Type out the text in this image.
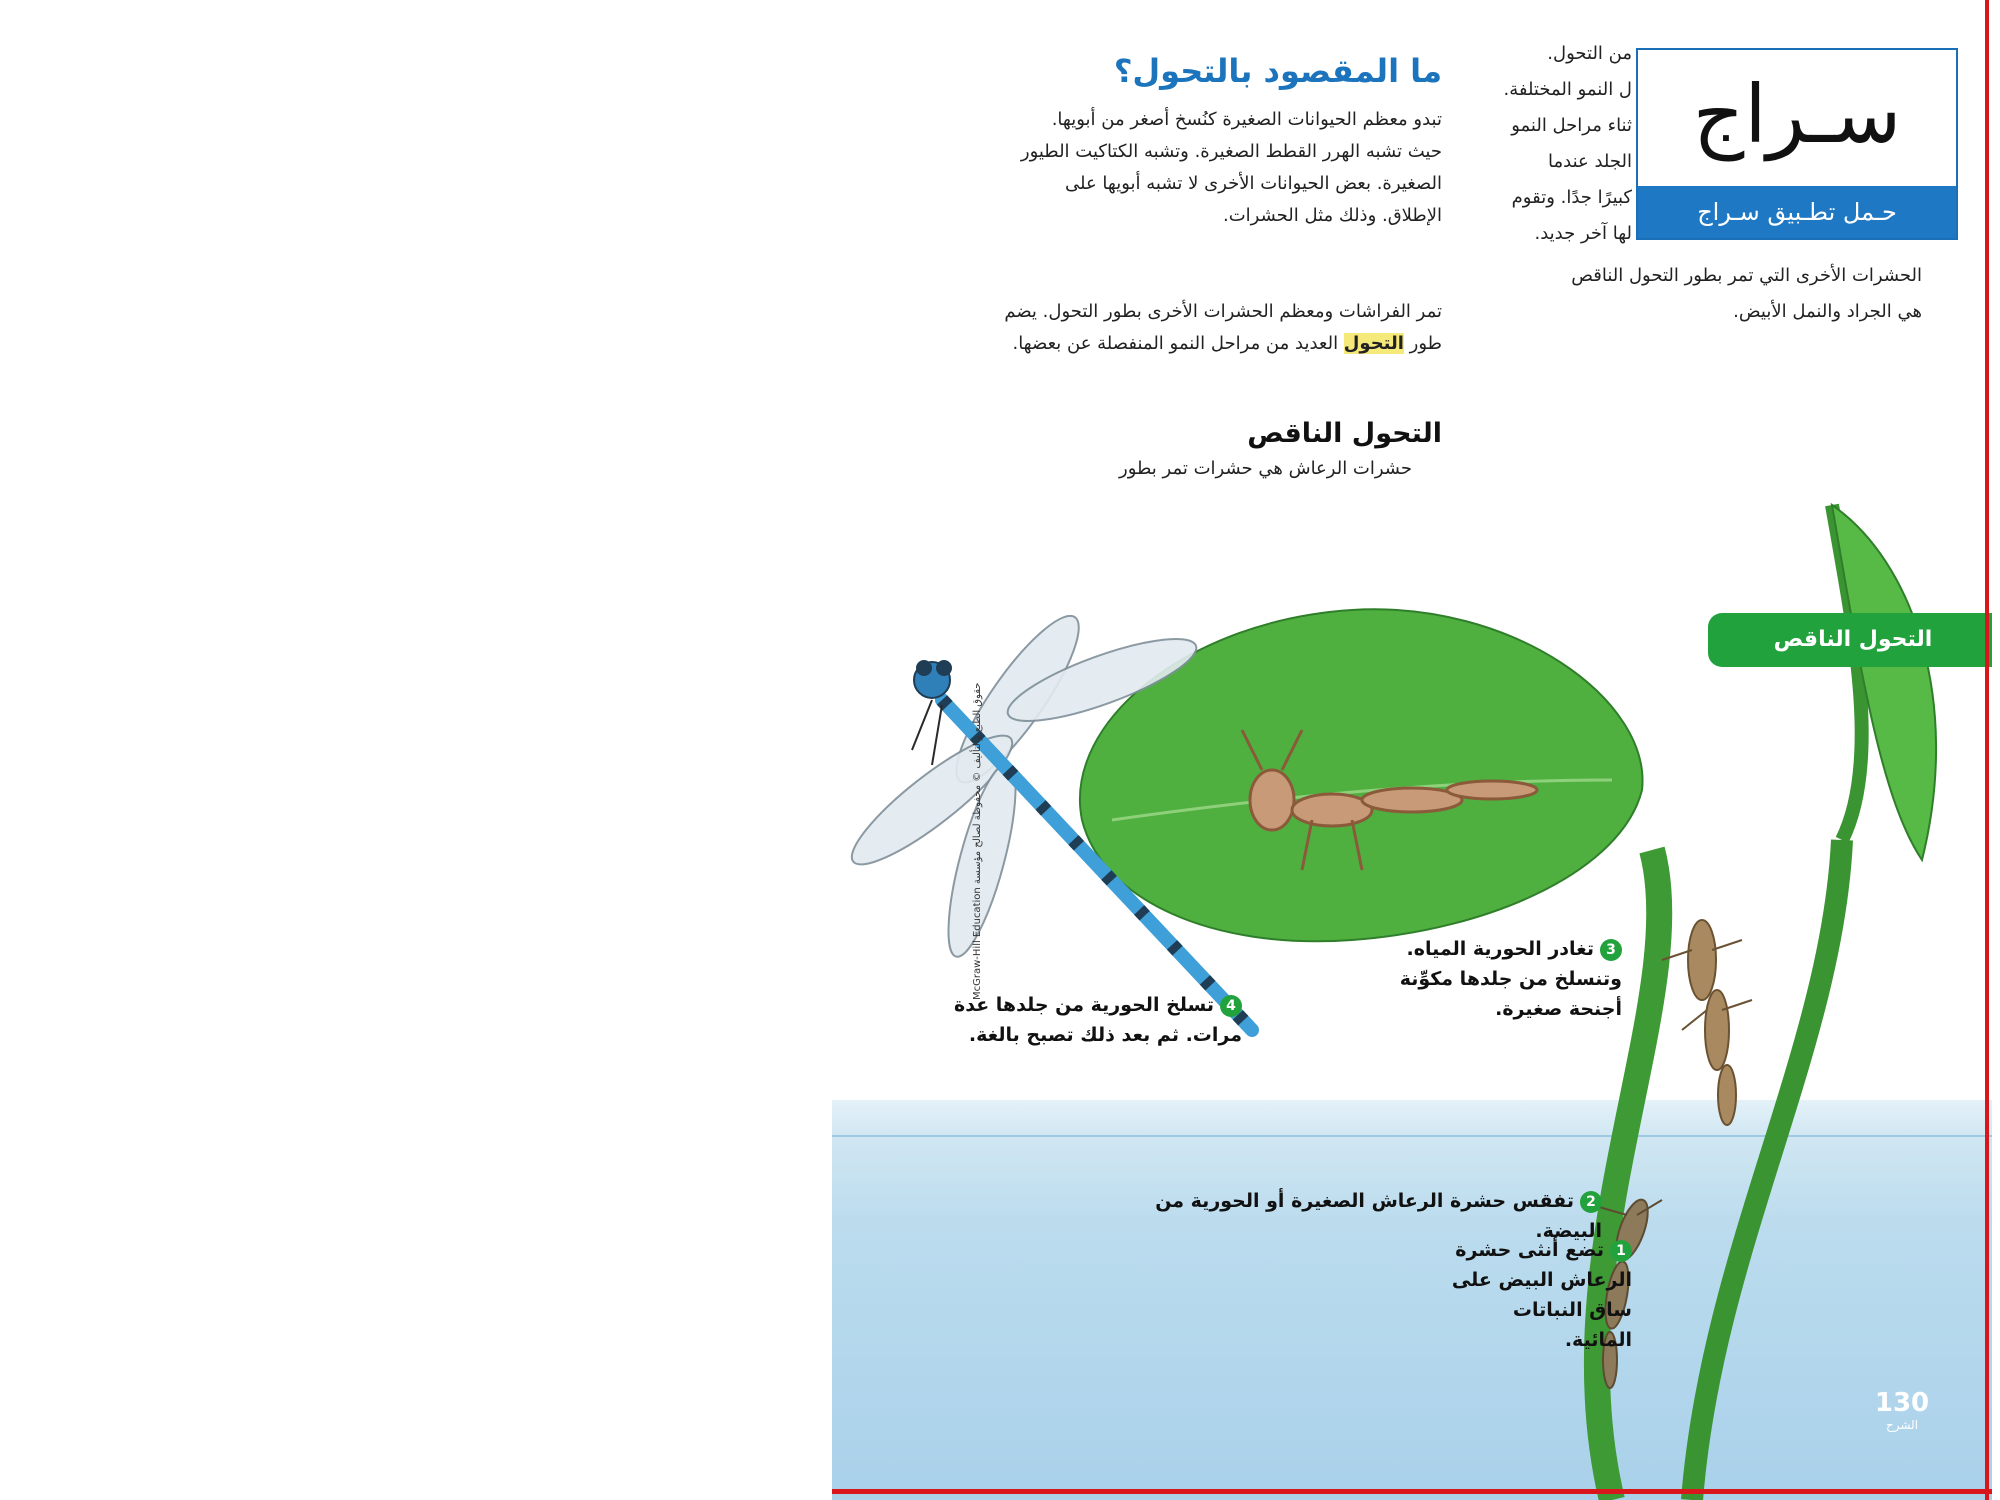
ما المقصود بالتحول؟
تبدو معظم الحيوانات الصغيرة كنُسخ أصغر من أبويها. حيث تشبه الهرر القطط الصغيرة. وتشبه الكتاكيت الطيور الصغيرة. بعض الحيوانات الأخرى لا تشبه أبويها على الإطلاق. وذلك مثل الحشرات.
تمر الفراشات ومعظم الحشرات الأخرى بطور التحول. يضم طور التحول العديد من مراحل النمو المنفصلة عن بعضها.
التحول الناقص
حشرات الرعاش هي حشرات تمر بطور
من التحول.
ل النمو المختلفة.
ثناء مراحل النمو
الجلد عندما
كبيرًا جدًا. وتقوم
لها آخر جديد.
الحشرات الأخرى التي تمر بطور التحول الناقص
هي الجراد والنمل الأبيض.
سـراج
حـمل تطـبيق سـراج
التحول الناقص
1تضع أنثى حشرة الرعاش البيض على ساق النباتات المائية.
2تفقس حشرة الرعاش الصغيرة أو الحورية من البيضة.
3تغادر الحورية المياه. وتنسلخ من جلدها مكوِّنة أجنحة صغيرة.
4تسلخ الحورية من جلدها عدة مرات. ثم بعد ذلك تصبح بالغة.
McGraw-Hill Education حقوق الطبع والتأليف © محفوظة لصالح مؤسسة
130
الشرح
